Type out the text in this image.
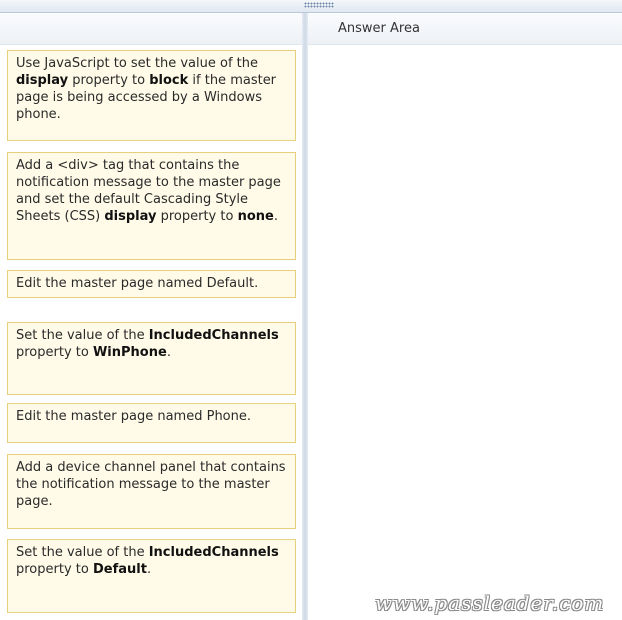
Answer Area
Use JavaScript to set the value of the display property to block if the master page is being accessed by a Windows phone.
Add a <div> tag that contains the notification message to the master page and set the default Cascading Style Sheets (CSS) display property to none.
Edit the master page named Default.
Set the value of the IncludedChannels property to WinPhone.
Edit the master page named Phone.
Add a device channel panel that contains the notification message to the master page.
Set the value of the IncludedChannels property to Default.
www.passleader.com
